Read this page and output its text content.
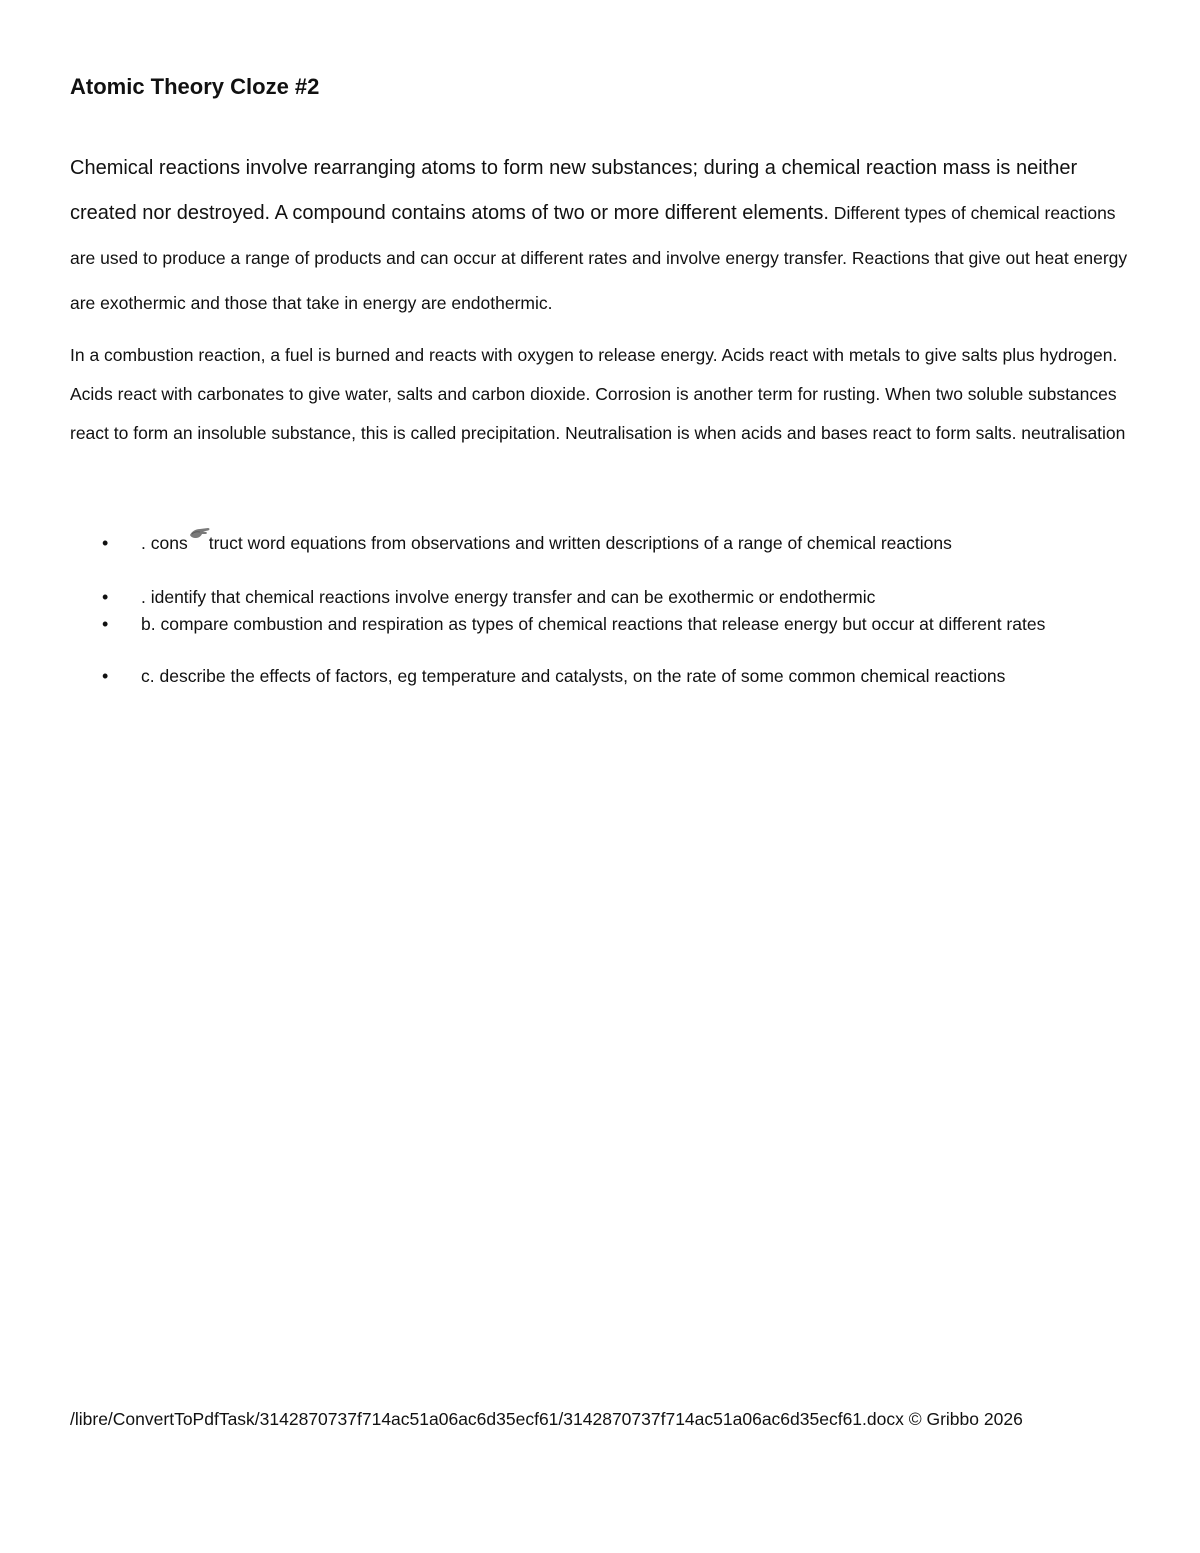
Atomic Theory Cloze #2

Chemical reactions involve rearranging atoms to form new substances; during a chemical reaction mass is neither created nor destroyed. A compound contains atoms of two or more different elements. Different types of chemical reactions are used to produce a range of products and can occur at different rates and involve energy transfer. Reactions that give out heat energy are exothermic and those that take in energy are endothermic.

In a combustion reaction, a fuel is burned and reacts with oxygen to release energy. Acids react with metals to give salts plus hydrogen. Acids react with carbonates to give water, salts and carbon dioxide. Corrosion is another term for rusting. When two soluble substances react to form an insoluble substance, this is called precipitation. Neutralisation is when acids and bases react to form salts. neutralisation

• . cons truct word equations from observations and written descriptions of a range of chemical reactions
• . identify that chemical reactions involve energy transfer and can be exothermic or endothermic
• b. compare combustion and respiration as types of chemical reactions that release energy but occur at different rates
• c. describe the effects of factors, eg temperature and catalysts, on the rate of some common chemical reactions
/libre/ConvertToPdfTask/3142870737f714ac51a06ac6d35ecf61/3142870737f714ac51a06ac6d35ecf61.docx © Gribbo 2026
